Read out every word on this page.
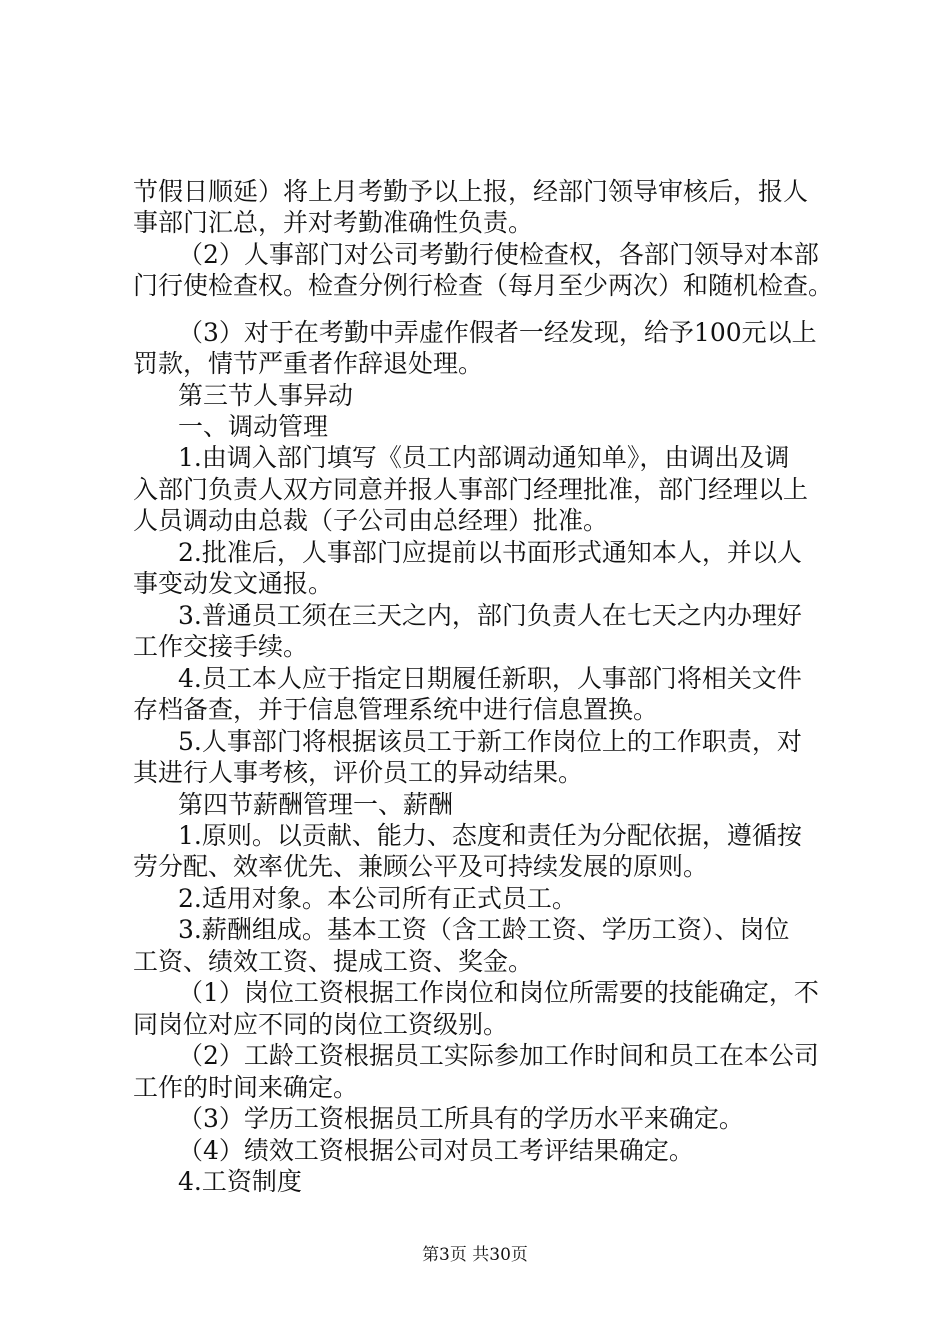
节假日顺延）将上月考勤予以上报，经部门领导审核后，报人
事部门汇总，并对考勤准确性负责。
（2）人事部门对公司考勤行使检查权，各部门领导对本部
门行使检查权。检查分例行检查（每月至少两次）和随机检查。
（3）对于在考勤中弄虚作假者一经发现，给予100元以上
罚款，情节严重者作辞退处理。
第三节人事异动
一、调动管理
1.由调入部门填写《员工内部调动通知单》，由调出及调
入部门负责人双方同意并报人事部门经理批准，部门经理以上
人员调动由总裁（子公司由总经理）批准。
2.批准后，人事部门应提前以书面形式通知本人，并以人
事变动发文通报。
3.普通员工须在三天之内，部门负责人在七天之内办理好
工作交接手续。
4.员工本人应于指定日期履任新职，人事部门将相关文件
存档备查，并于信息管理系统中进行信息置换。
5.人事部门将根据该员工于新工作岗位上的工作职责，对
其进行人事考核，评价员工的异动结果。
第四节薪酬管理一、薪酬
1.原则。以贡献、能力、态度和责任为分配依据，遵循按
劳分配、效率优先、兼顾公平及可持续发展的原则。
2.适用对象。本公司所有正式员工。
3.薪酬组成。基本工资（含工龄工资、学历工资）、岗位
工资、绩效工资、提成工资、奖金。
（1）岗位工资根据工作岗位和岗位所需要的技能确定，不
同岗位对应不同的岗位工资级别。
（2）工龄工资根据员工实际参加工作时间和员工在本公司
工作的时间来确定。
（3）学历工资根据员工所具有的学历水平来确定。
（4）绩效工资根据公司对员工考评结果确定。
4.工资制度
第3页 共30页
